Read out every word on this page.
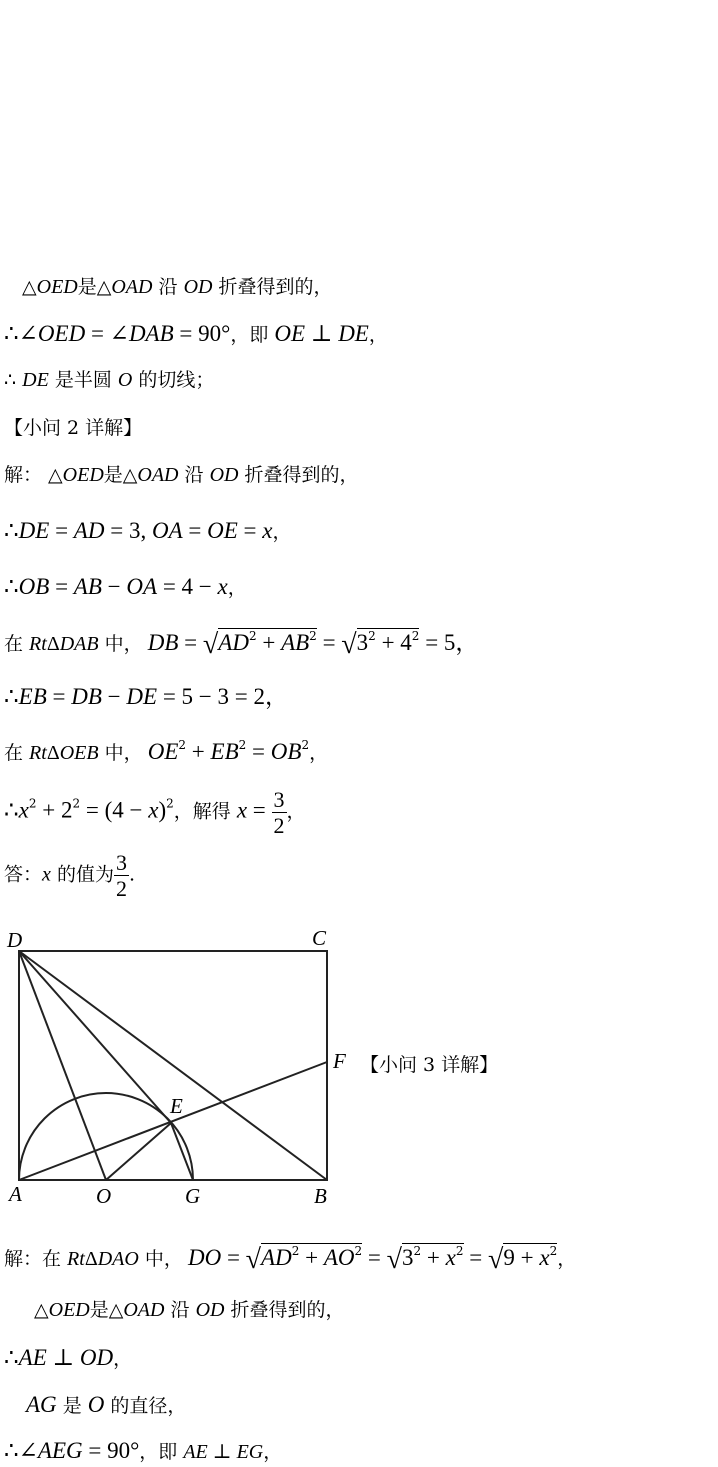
△OED是△OAD 沿 OD 折叠得到的，
∴∠OED = ∠DAB = 90°，即 OE ⊥ DE，
∴ DE 是半圆 O 的切线；
【小问 2 详解】
解： △OED是△OAD 沿 OD 折叠得到的，
∴DE = AD = 3, OA = OE = x，
∴OB = AB − OA = 4 − x，
在 RtΔDAB 中， DB = $√AD^2 + AB^2 = √3^2 + 4^2 = 5$，
∴EB = DB − DE = 5 − 3 = 2，
在 RtΔOEB 中， $OE^2 + EB^2 = OB^2$，
$\therefore x^2 + 2^2 = (4 - x)^2$，解得 $x = \frac{3}{2}$ ，
答：x 的值为 $\frac{3}{2}$ .
D	C
F
E
A	O	G	B
【小问 3 详解】
解：在 RtΔDAO 中， DO = $√AD^2 + AO^2 = √3^2 + x^2 = √9 + x^2$，
△OED是△OAD 沿 OD 折叠得到的，
∴AE ⊥ OD，
AG 是 O 的直径，
∴∠AEG = 90°，即 AE ⊥ EG，
